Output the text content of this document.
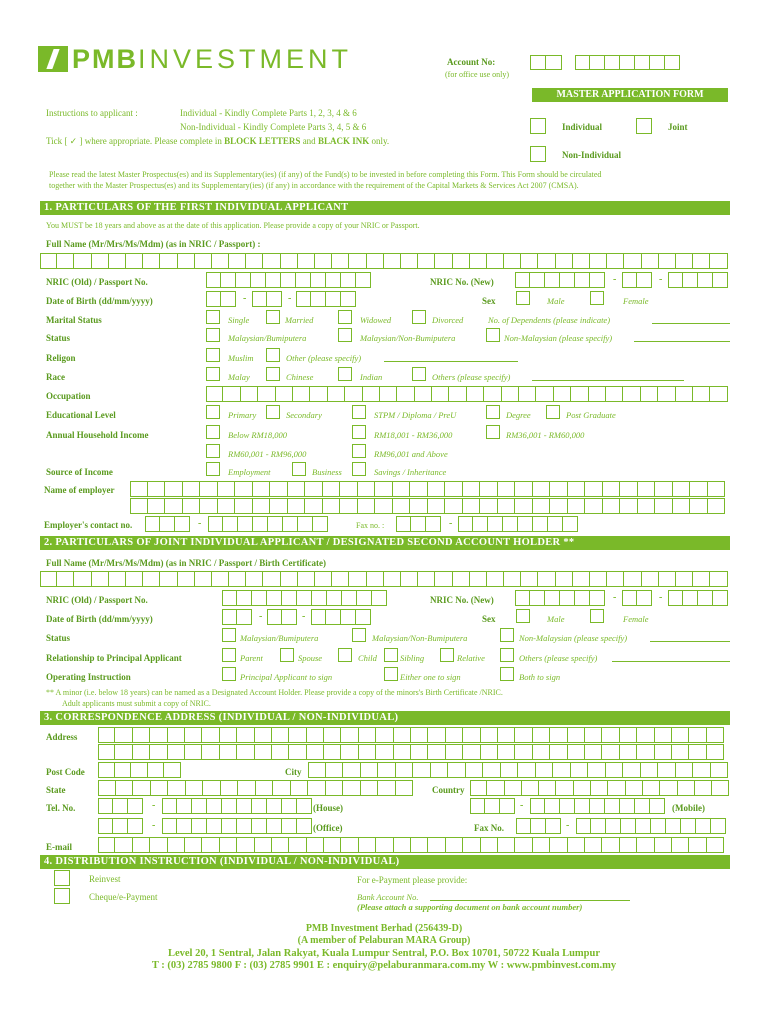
PMBINVESTMENT	Account No:
(for office use only)
MASTER APPLICATION FORM
Instructions to applicant :	Individual - Kindly Complete Parts 1, 2, 3, 4 & 6
Non-Individual - Kindly Complete Parts 3, 4, 5 & 6
Tick [ ✓ ] where appropriate. Please complete in BLOCK LETTERS and BLACK INK only.
Individual	Joint
Non-Individual
Please read the latest Master Prospectus(es) and its Supplementary(ies) (if any) of the Fund(s) to be invested in before completing this Form. This Form should be circulated
together with the Master Prospectus(es) and its Supplementary(ies) (if any) in accordance with the requirement of the Capital Markets & Services Act 2007 (CMSA).
1. PARTICULARS OF THE FIRST INDIVIDUAL APPLICANT
You MUST be 18 years and above as at the date of this application. Please provide a copy of your NRIC or Passport.
Full Name (Mr/Mrs/Ms/Mdm) (as in NRIC / Passport) :
NRIC (Old) / Passport No.	NRIC No. (New)	-	-
Date of Birth (dd/mm/yyyy)	-	-	Sex	Male	Female
Marital Status	Single	Married	Widowed	Divorced	No. of Dependents (please indicate)
Status	Malaysian/Bumiputera	Malaysian/Non-Bumiputera	Non-Malaysian (please specify)
Religon	Muslim	Other (please specify)
Race	Malay	Chinese	Indian	Others (please specify)
Occupation
Educational Level	Primary	Secondary	STPM / Diploma / PreU	Degree	Post Graduate
Annual Household Income	Below RM18,000	RM18,001 - RM36,000	RM36,001 - RM60,000
RM60,001 - RM96,000	RM96,001 and Above
Source of Income	Employment	Business	Savings / Inheritance
Name of employer
Employer's contact no.	-	Fax no. :	-
2. PARTICULARS OF JOINT INDIVIDUAL APPLICANT / DESIGNATED SECOND ACCOUNT HOLDER **
Full Name (Mr/Mrs/Ms/Mdm) (as in NRIC / Passport / Birth Certificate)
NRIC (Old) / Passport No.	NRIC No. (New)	-	-
Date of Birth (dd/mm/yyyy)	-	-	Sex	Male	Female
Status	Malaysian/Bumiputera	Malaysian/Non-Bumiputera	Non-Malaysian (please specify)
Relationship to Principal Applicant	Parent	Spouse	Child	Sibling	Relative	Others (please specify)
Operating Instruction	Principal Applicant to sign	Either one to sign	Both to sign
** A minor (i.e. below 18 years) can be named as a Designated Account Holder. Please provide a copy of the minors's Birth Certificate /NRIC.
Adult applicants must submit a copy of NRIC.
3. CORRESPONDENCE ADDRESS (INDIVIDUAL / NON-INDIVIDUAL)
Address
Post Code	City
State	Country
Tel. No.	-	(House)	-	(Mobile)
-	(Office)	Fax No.	-
E-mail
4. DISTRIBUTION INSTRUCTION (INDIVIDUAL / NON-INDIVIDUAL)
Reinvest
Cheque/e-Payment
For e-Payment please provide:
Bank Account No.
(Please attach a supporting document on bank account number)
PMB Investment Berhad (256439-D)
(A member of Pelaburan MARA Group)
Level 20, 1 Sentral, Jalan Rakyat, Kuala Lumpur Sentral, P.O. Box 10701, 50722 Kuala Lumpur
T : (03) 2785 9800 F : (03) 2785 9901 E : enquiry@pelaburanmara.com.my W : www.pmbinvest.com.my
